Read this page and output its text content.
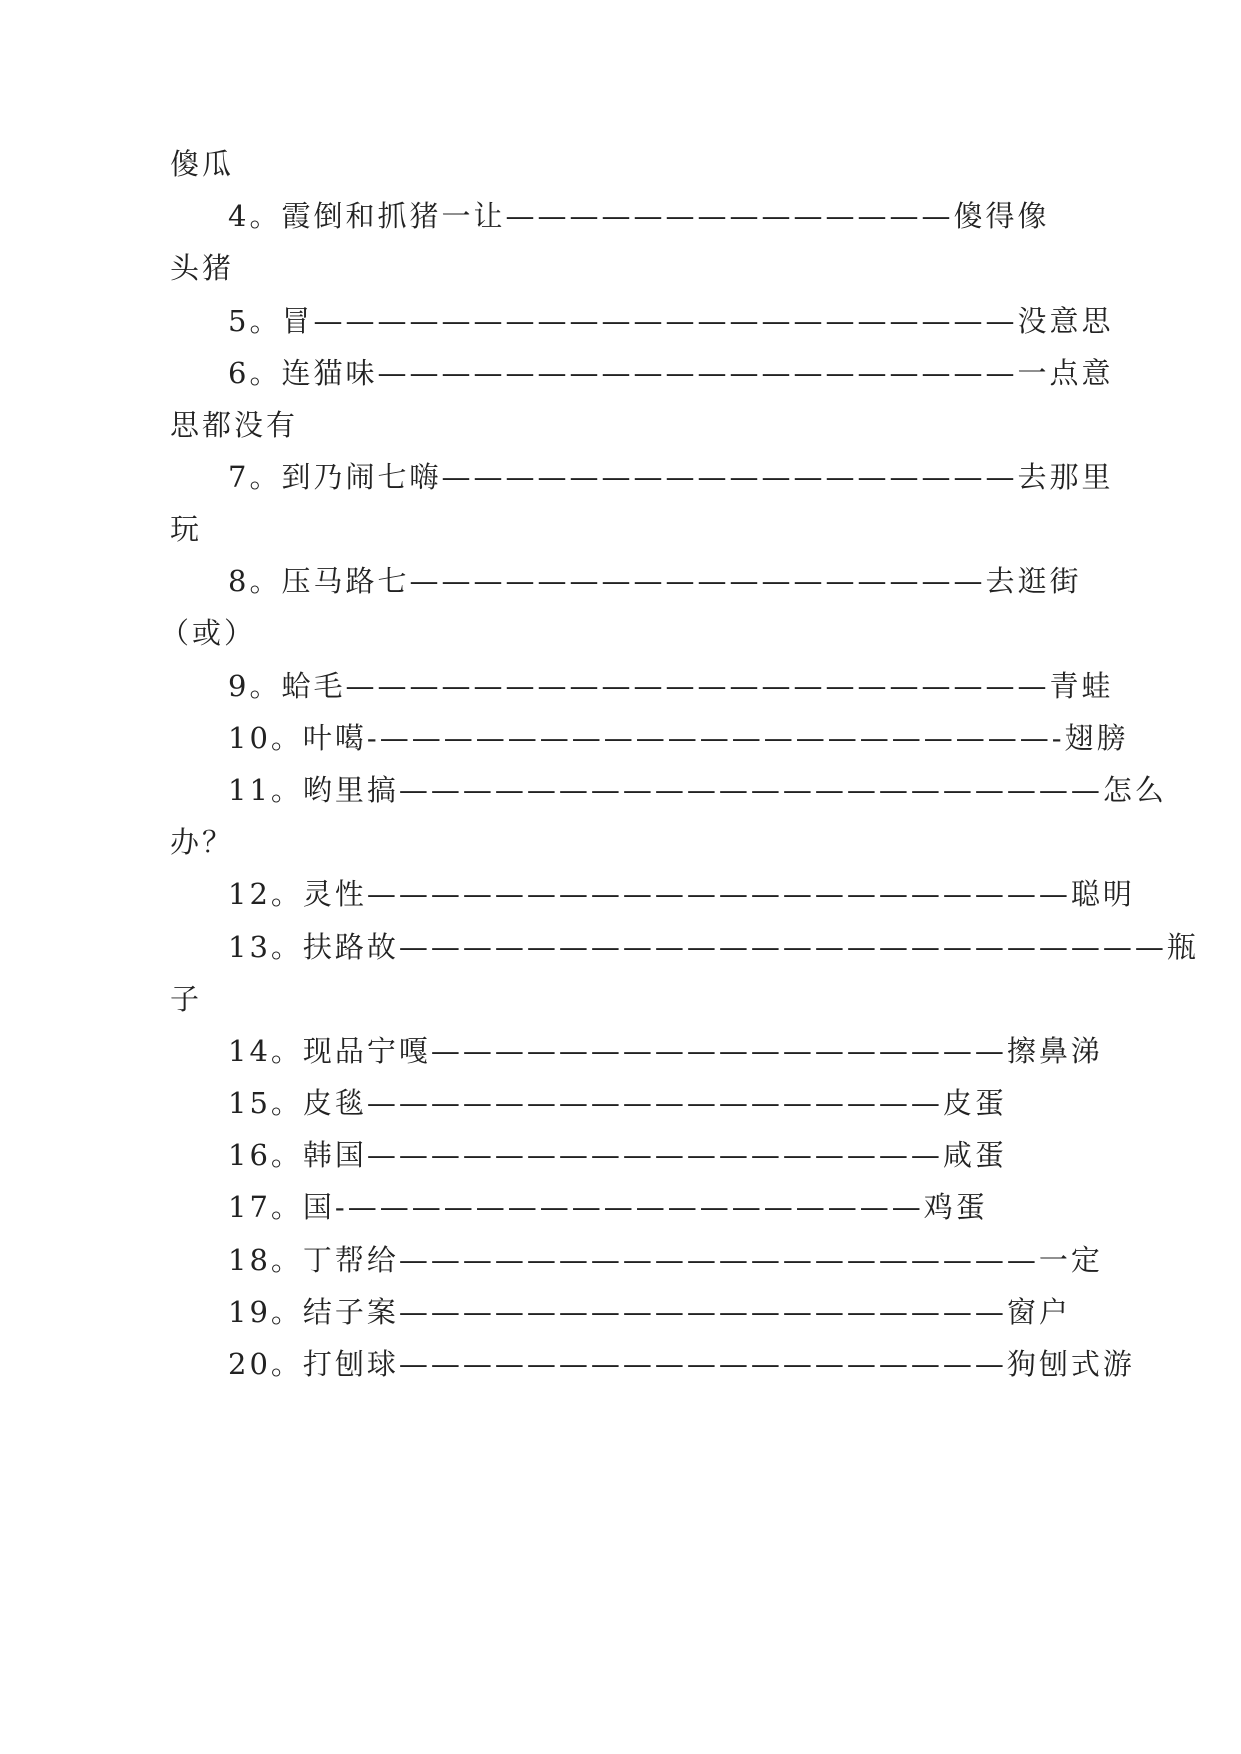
傻瓜
4。霞倒和抓猪一让——————————————傻得像
头猪
5。冒——————————————————————没意思
6。连猫味————————————————————一点意
思都没有
7。到乃闹七嗨——————————————————去那里
玩
8。压马路七——————————————————去逛街
（或）
9。蛤毛——————————————————————青蛙
10。叶噶-—————————————————————-翅膀
11。哟里搞——————————————————————怎么
办？
12。灵性——————————————————————聪明
13。扶路故————————————————————————瓶
子
14。现品宁嘎——————————————————擦鼻涕
15。皮毯——————————————————皮蛋
16。韩国——————————————————咸蛋
17。国-——————————————————鸡蛋
18。丁帮给————————————————————一定
19。结子案———————————————————窗户
20。打刨球———————————————————狗刨式游
